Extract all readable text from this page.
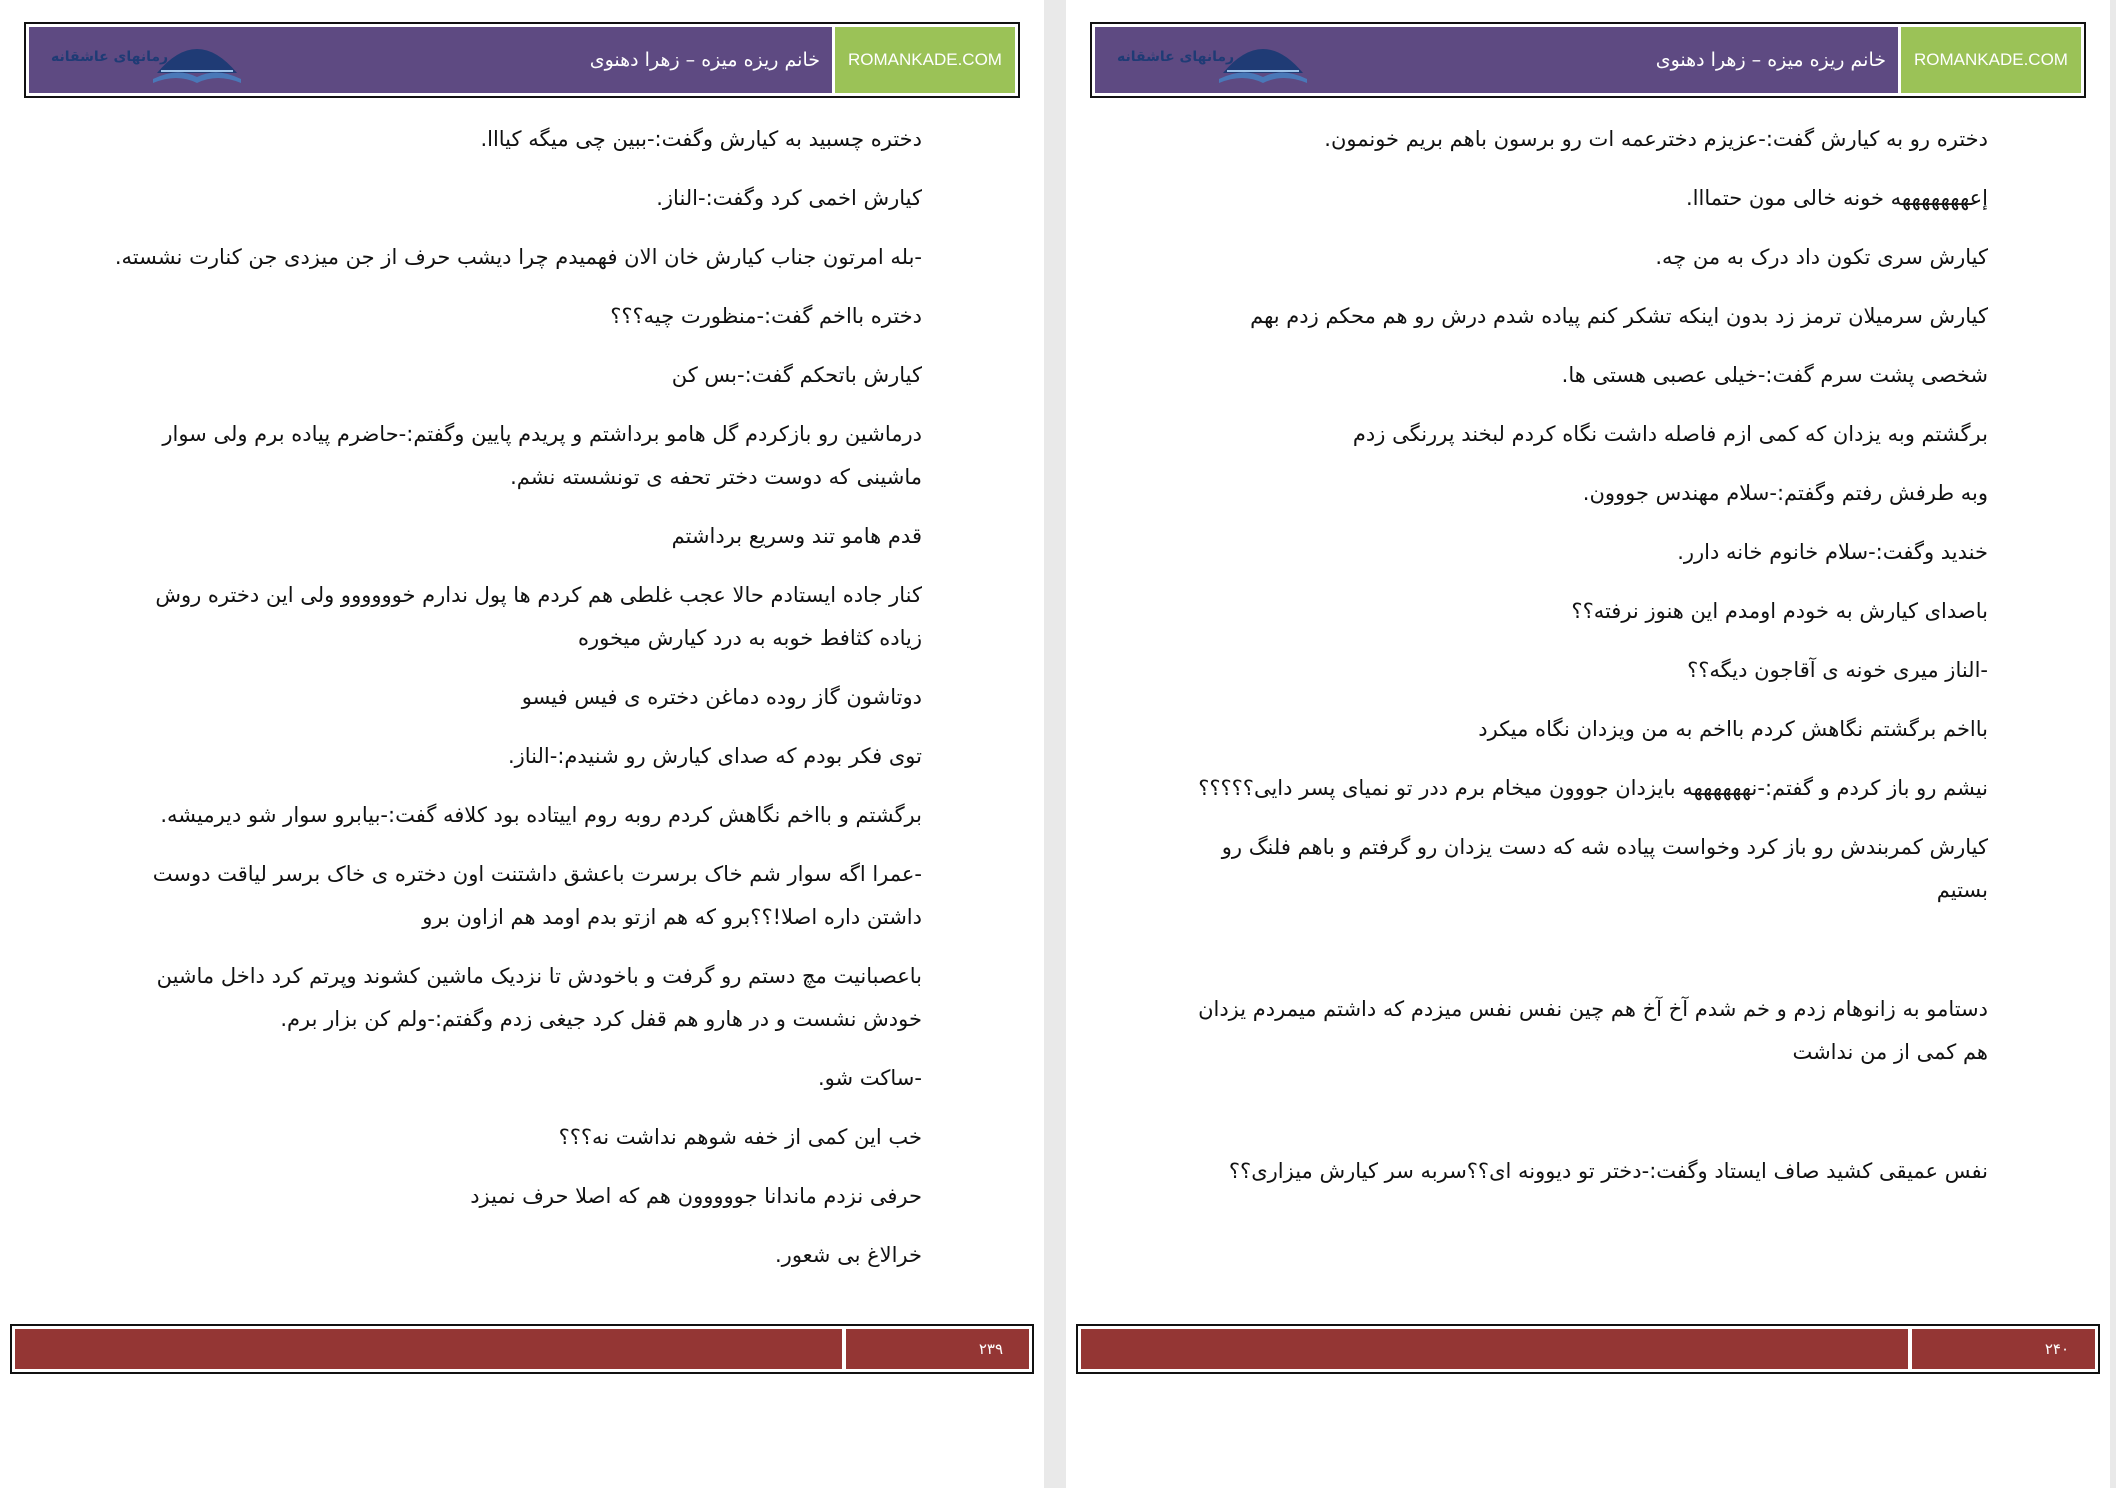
رمانهای عاشقانه	خانم ریزه میزه – زهرا دهنوی	ROMANKADE.COM

دختره چسبید به کیارش وگفت:-ببین چی میگه کیاﺍﺍ.

کیارش اخمی کرد وگفت:-الناز.

-بله امرتون جناب کیارش خان الان فهمیدم چرا دیشب حرف از جن میزدی جن کنارت نشسته.

دختره بااخم گفت:-منظورت چیه؟؟؟

کیارش باتحکم گفت:-بس کن

درماشین رو بازکردم گل هامو برداشتم و پریدم پایین وگفتم:-حاضرم پیاده برم ولی سوار ماشینی که دوست دختر تحفه ی تونشسته نشم.

قدم هامو تند وسریع برداشتم

کنار جاده ایستادم حالا عجب غلطی هم کردم ها پول ندارم خوووووو ولی این دختره روش زیاده کثافط خوبه به درد کیارش میخوره

دوتاشون گاز روده دماغن دختره ی فیس فیسو

توی فکر بودم که صدای کیارش رو شنیدم:-الناز.

برگشتم و بااخم نگاهش کردم روبه روم اییتاده بود کلافه گفت:-بیابرو سوار شو دیرمیشه.

-عمرا اگه سوار شم خاک برسرت باعشق داشتنت اون دختره ی خاک برسر لیاقت دوست داشتن داره اصلا!؟؟برو که هم ازتو بدم اومد هم ازاون برو

باعصبانیت مچ دستم رو گرفت و باخودش تا نزدیک ماشین کشوند وپرتم کرد داخل ماشین خودش نشست و در هارو هم قفل کرد جیغی زدم وگفتم:-ولم کن بزار برم.

-ساکت شو.

خب این کمی از خفه شوهم نداشت نه؟؟؟

حرفی نزدم ماندانا جووووون هم که اصلا حرف نمیزد

خرالاغ بی شعور.

۲۳۹
رمانهای عاشقانه	خانم ریزه میزه – زهرا دهنوی	ROMANKADE.COM

دختره رو به کیارش گفت:-عزیزم دخترعمه ات رو برسون باهم بریم خونمون.

إعهههههههه خونه خالی مون حتماﺍﺍ.

کیارش سری تکون داد درک به من چه.

کیارش سرمیلان ترمز زد بدون اینکه تشکر کنم پیاده شدم درش رو هم محکم زدم بهم

شخصی پشت سرم گفت:-خیلی عصبی هستی ها.

برگشتم وبه یزدان که کمی ازم فاصله داشت نگاه کردم لبخند پررنگی زدم

وبه طرفش رفتم وگفتم:-سلام مهندس جووون.

خندید وگفت:-سلام خانوم خانه دارر.

باصدای کیارش به خودم اومدم این هنوز نرفته؟؟

-الناز میری خونه ی آقاجون دیگه؟؟

بااخم برگشتم نگاهش کردم بااخم به من ویزدان نگاه میکرد

نیشم رو باز کردم و گفتم:-نههههههه بایزدان جووون میخام برم ددر تو نمیای پسر دایی؟؟؟؟؟

کیارش کمربندش رو باز کرد وخواست پیاده شه که دست یزدان رو گرفتم و باهم فلنگ رو بستیم

دستامو به زانوهام زدم و خم شدم آخ آخ هم چین نفس نفس میزدم که داشتم میمردم یزدان هم کمی از من نداشت

نفس عمیقی کشید صاف ایستاد وگفت:-دختر تو دیوونه ای؟؟سربه سر کیارش میزاری؟؟

۲۴۰
